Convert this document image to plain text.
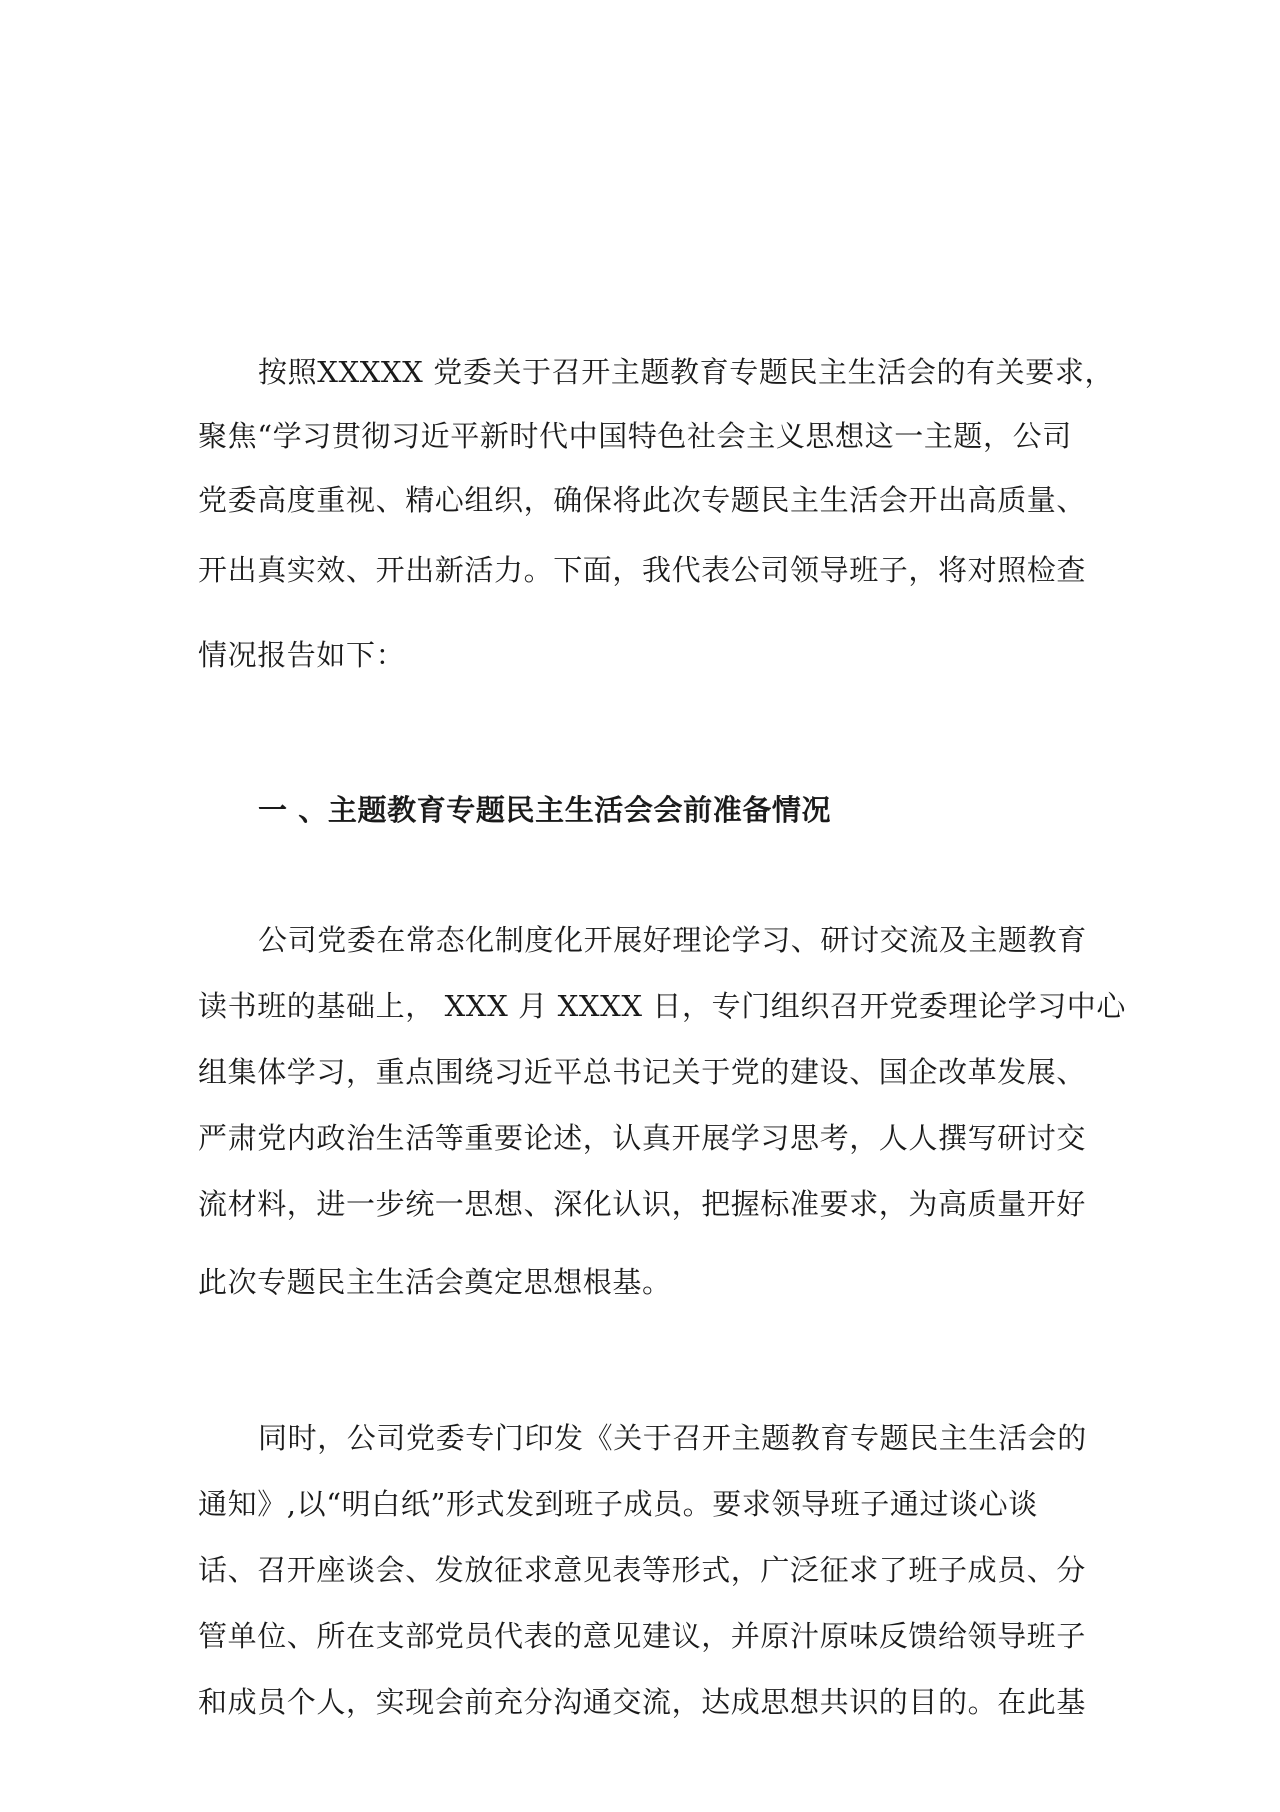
按照XXXXX 党委关于召开主题教育专题民主生活会的有关要求，
聚焦“学习贯彻习近平新时代中国特色社会主义思想这一主题，公司
党委高度重视、精心组织，确保将此次专题民主生活会开出高质量、
开出真实效、开出新活力。下面，我代表公司领导班子，将对照检查
情况报告如下：
一 、主题教育专题民主生活会会前准备情况
公司党委在常态化制度化开展好理论学习、研讨交流及主题教育
读书班的基础上， XXX 月 XXXX 日，专门组织召开党委理论学习中心
组集体学习，重点围绕习近平总书记关于党的建设、国企改革发展、
严肃党内政治生活等重要论述，认真开展学习思考，人人撰写研讨交
流材料，进一步统一思想、深化认识，把握标准要求，为高质量开好
此次专题民主生活会奠定思想根基。
同时，公司党委专门印发《关于召开主题教育专题民主生活会的
通知》,以“明白纸”形式发到班子成员。要求领导班子通过谈心谈
话、召开座谈会、发放征求意见表等形式，广泛征求了班子成员、分
管单位、所在支部党员代表的意见建议，并原汁原味反馈给领导班子
和成员个人，实现会前充分沟通交流，达成思想共识的目的。在此基
